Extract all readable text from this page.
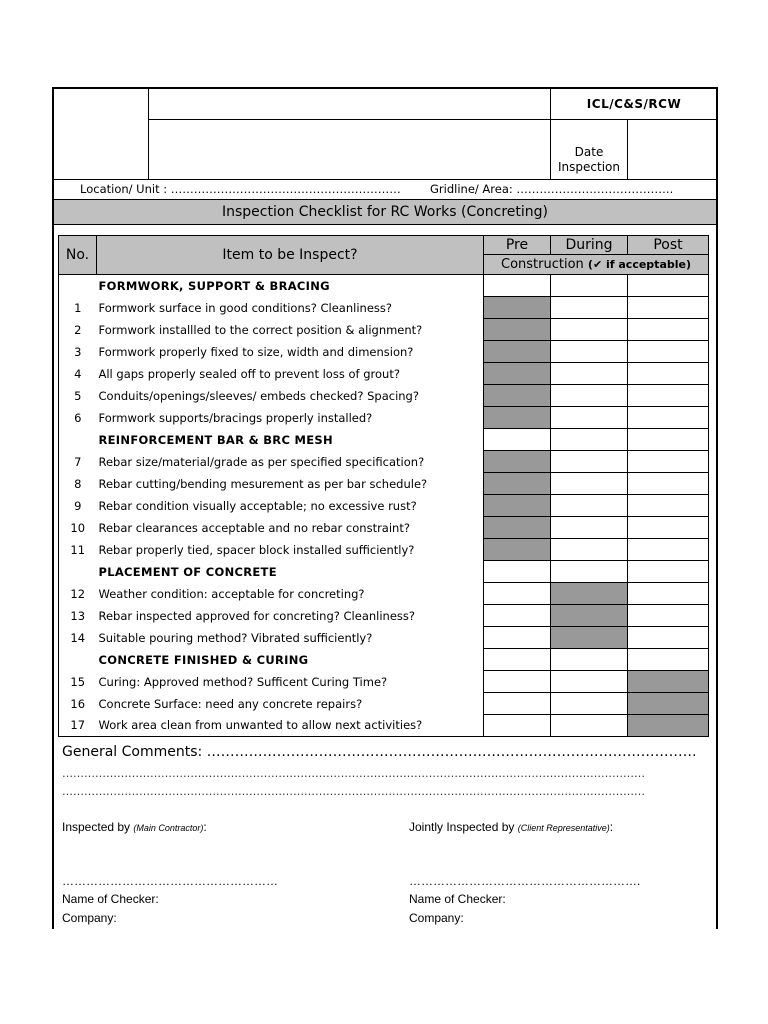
ICL/C&S/RCW
Date
Inspection
Location/ Unit : ……………………………………………………	Gridline/ Area: …………………………………..
Inspection Checklist for RC Works (Concreting)
No.	Item to be Inspect?	Pre	During	Post
		Construction (✔ if acceptable)		
	FORMWORK, SUPPORT & BRACING			
1	Formwork surface in good conditions? Cleanliness?			
2	Formwork installled to the correct position & alignment?			
3	Formwork properly fixed to size, width and dimension?			
4	All gaps properly sealed off to prevent loss of grout?			
5	Conduits/openings/sleeves/ embeds checked? Spacing?			
6	Formwork supports/bracings properly installed?			
	REINFORCEMENT BAR & BRC MESH			
7	Rebar size/material/grade as per specified specification?			
8	Rebar cutting/bending mesurement as per bar schedule?			
9	Rebar condition visually acceptable; no excessive rust?			
10	Rebar clearances acceptable and no rebar constraint?			
11	Rebar properly tied, spacer block installed sufficiently?			
	PLACEMENT OF CONCRETE			
12	Weather condition: acceptable for concreting?			
13	Rebar inspected approved for concreting? Cleanliness?			
14	Suitable pouring method? Vibrated sufficiently?			
	CONCRETE FINISHED & CURING			
15	Curing: Approved method? Sufficent Curing Time?			
16	Concrete Surface: need any concrete repairs?			
17	Work area clean from unwanted to allow next activities?			
General Comments: ……………………………………………………………………………………………
……………………………………………………………………………………………………………………………………………
……………………………………………………………………………………………………………………………………………
Inspected by (Main Contractor):	Jointly Inspected by (Client Representative):
………………………………………………	………………………………………………….
Name of Checker:	Name of Checker:
Company:	Company:
